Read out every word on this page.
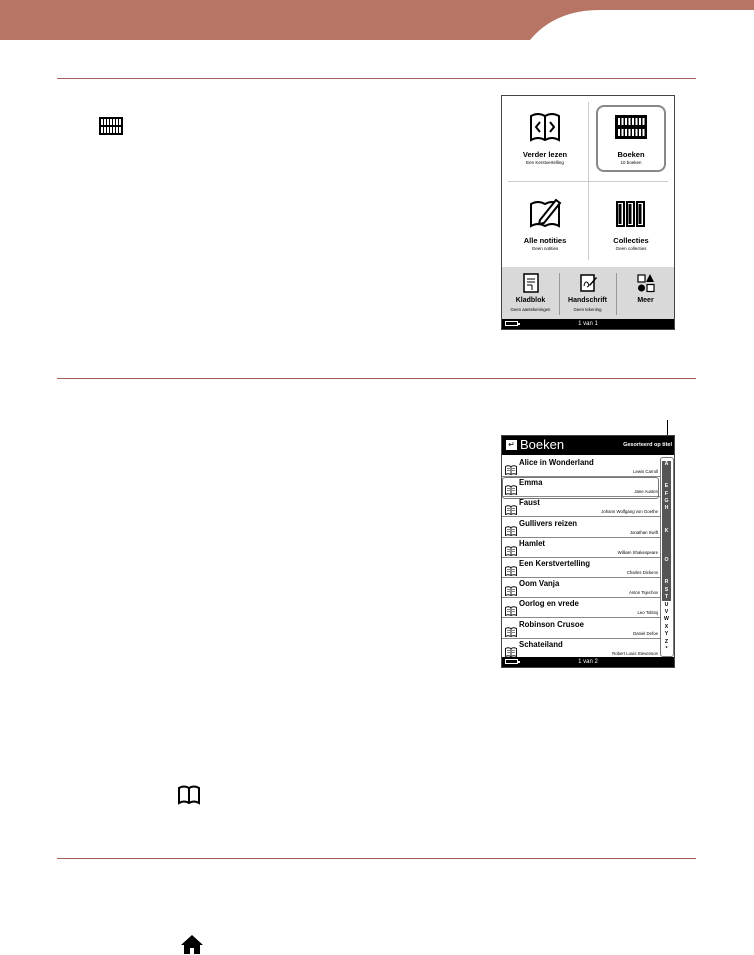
Verder lezen
Een Kerstvertelling
Boeken
10 boeken
Alle notities
Geen notities
Collecties
Geen collecties
Kladblok
Geen aantekeningen
Handschrift
Geen tekening
Meer
1 van 1
↵ Boeken	Gesorteerd op titel
Alice in Wonderland
Lewis Carroll
Emma
Jane Austen
Faust
Johann Wolfgang von Goethe
Gullivers reizen
Jonathan Swift
Hamlet
William Shakespeare
Een Kerstvertelling
Charles Dickens
Oom Vanja
Anton Tsjechov
Oorlog en vrede
Leo Tolstoj
Robinson Crusoe
Daniel Defoe
Schateiland
Robert Louis Stevenson
A
E
F
G
H
K
O
R
S
T
U
V
W
X
Y
Z
*
1 van 2
